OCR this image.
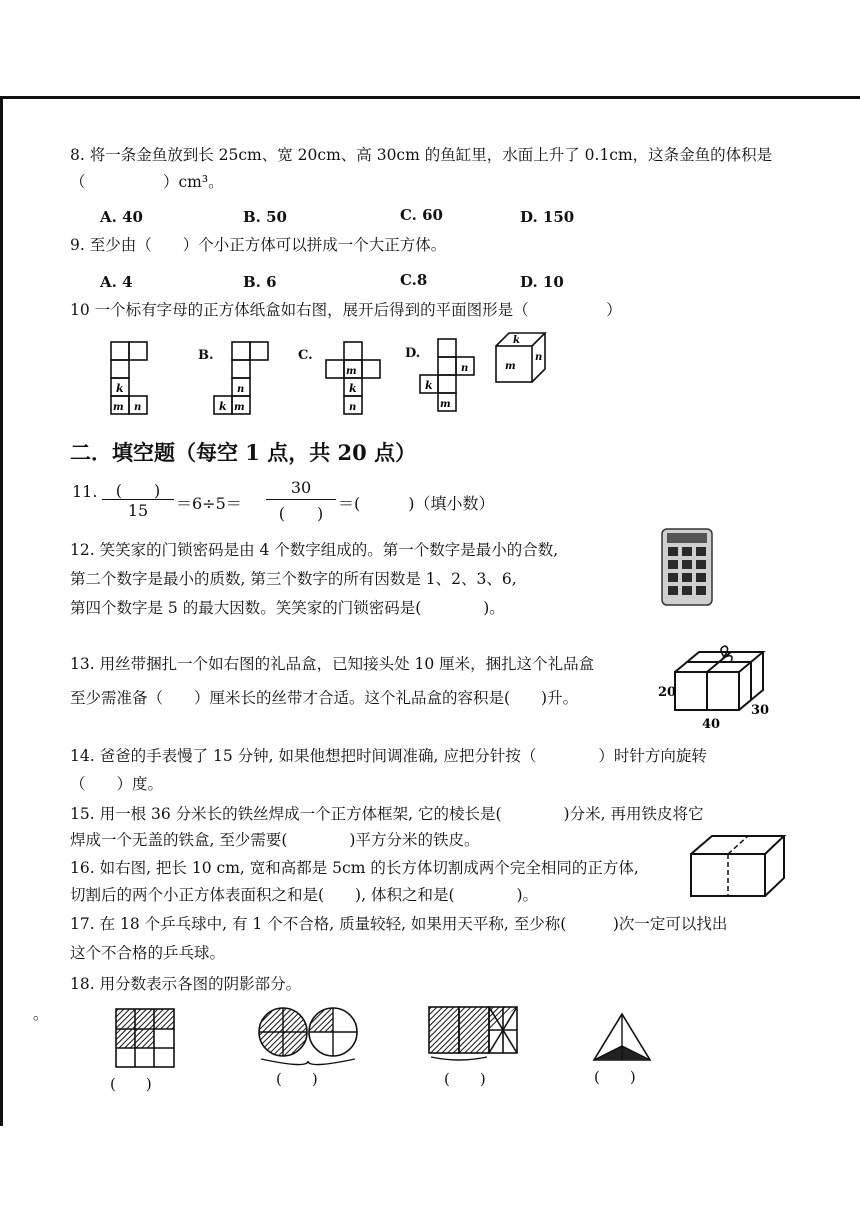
8. 将一条金鱼放到长 25cm、宽 20cm、高 30cm 的鱼缸里，水面上升了 0.1cm，这条金鱼的体积是
（　　　　　）cm³。
A. 40	B. 50	C. 60	D. 150
9. 至少由（　　）个小正方体可以拼成一个大正方体。
A. 4	B. 6	C.8	D. 10
10 一个标有字母的正方体纸盒如右图，展开后得到的平面图形是（　　　　　）
k
m n
B.
n
k m
C.
m
k
n
D.
n
k
m
k
m
n
二．填空题（每空 1 点，共 20 点）
11.	(　　)
15	＝6÷5＝
30
(　　)
＝(　　　)（填小数）
12. 笑笑家的门锁密码是由 4 个数字组成的。第一个数字是最小的合数,
第二个数字是最小的质数, 第三个数字的所有因数是 1、2、3、6,
第四个数字是 5 的最大因数。笑笑家的门锁密码是(　　　　)。
13. 用丝带捆扎一个如右图的礼品盒，已知接头处 10 厘米，捆扎这个礼品盒
至少需准备（　　）厘米长的丝带才合适。这个礼品盒的容积是(　　)升。	20
40
30
14. 爸爸的手表慢了 15 分钟, 如果他想把时间调准确, 应把分针按（　　　　）时针方向旋转
（　　）度。
15. 用一根 36 分米长的铁丝焊成一个正方体框架, 它的棱长是(　　　　)分米, 再用铁皮将它
焊成一个无盖的铁盒, 至少需要(　　　　)平方分米的铁皮。
16. 如右图, 把长 10 cm, 宽和高都是 5cm 的长方体切割成两个完全相同的正方体,
切割后的两个小正方体表面积之和是(　　), 体积之和是(　　　　)。
17. 在 18 个乒乓球中, 有 1 个不合格, 质量较轻, 如果用天平称, 至少称(　　　)次一定可以找出
这个不合格的乒乓球。
18. 用分数表示各图的阴影部分。
。
(　　)	(　　)	(　　)	(　　)
